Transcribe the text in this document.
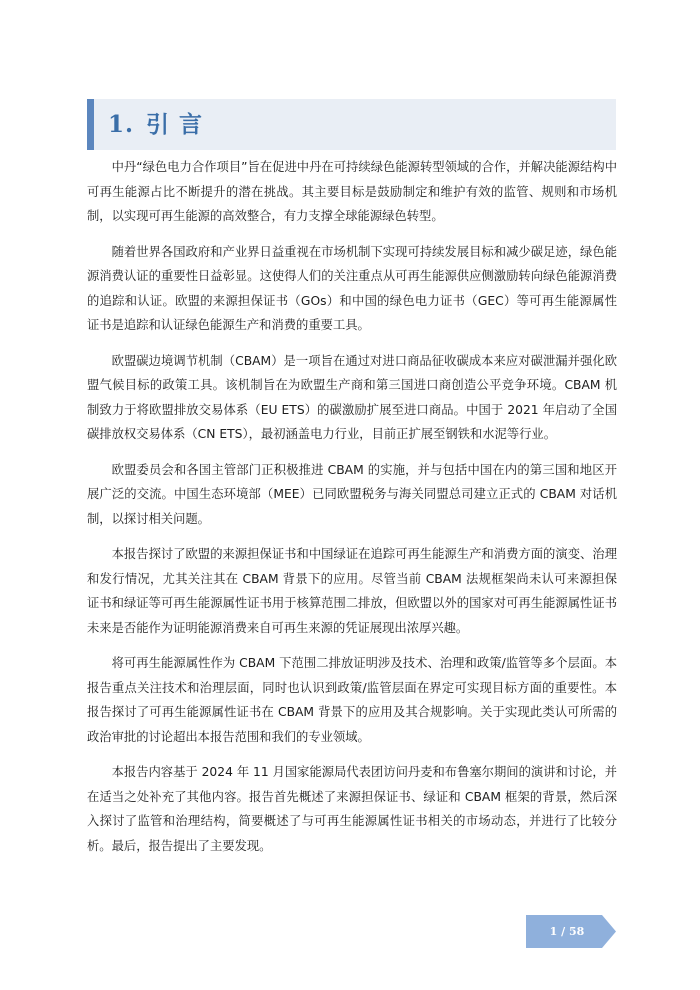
1. 引 言

中丹“绿色电力合作项目”旨在促进中丹在可持续绿色能源转型领域的合作，并解决能源结构中可再生能源占比不断提升的潜在挑战。其主要目标是鼓励制定和维护有效的监管、规则和市场机制，以实现可再生能源的高效整合，有力支撑全球能源绿色转型。

随着世界各国政府和产业界日益重视在市场机制下实现可持续发展目标和减少碳足迹，绿色能源消费认证的重要性日益彰显。这使得人们的关注重点从可再生能源供应侧激励转向绿色能源消费的追踪和认证。欧盟的来源担保证书（GOs）和中国的绿色电力证书（GEC）等可再生能源属性证书是追踪和认证绿色能源生产和消费的重要工具。

欧盟碳边境调节机制（CBAM）是一项旨在通过对进口商品征收碳成本来应对碳泄漏并强化欧盟气候目标的政策工具。该机制旨在为欧盟生产商和第三国进口商创造公平竞争环境。CBAM 机制致力于将欧盟排放交易体系（EU ETS）的碳激励扩展至进口商品。中国于 2021 年启动了全国碳排放权交易体系（CN ETS），最初涵盖电力行业，目前正扩展至钢铁和水泥等行业。

欧盟委员会和各国主管部门正积极推进 CBAM 的实施，并与包括中国在内的第三国和地区开展广泛的交流。中国生态环境部（MEE）已同欧盟税务与海关同盟总司建立正式的 CBAM 对话机制，以探讨相关问题。

本报告探讨了欧盟的来源担保证书和中国绿证在追踪可再生能源生产和消费方面的演变、治理和发行情况，尤其关注其在 CBAM 背景下的应用。尽管当前 CBAM 法规框架尚未认可来源担保证书和绿证等可再生能源属性证书用于核算范围二排放，但欧盟以外的国家对可再生能源属性证书未来是否能作为证明能源消费来自可再生来源的凭证展现出浓厚兴趣。

将可再生能源属性作为 CBAM 下范围二排放证明涉及技术、治理和政策/监管等多个层面。本报告重点关注技术和治理层面，同时也认识到政策/监管层面在界定可实现目标方面的重要性。本报告探讨了可再生能源属性证书在 CBAM 背景下的应用及其合规影响。关于实现此类认可所需的政治审批的讨论超出本报告范围和我们的专业领域。

本报告内容基于 2024 年 11 月国家能源局代表团访问丹麦和布鲁塞尔期间的演讲和讨论，并在适当之处补充了其他内容。报告首先概述了来源担保证书、绿证和 CBAM 框架的背景，然后深入探讨了监管和治理结构，简要概述了与可再生能源属性证书相关的市场动态，并进行了比较分析。最后，报告提出了主要发现。

1 / 58
